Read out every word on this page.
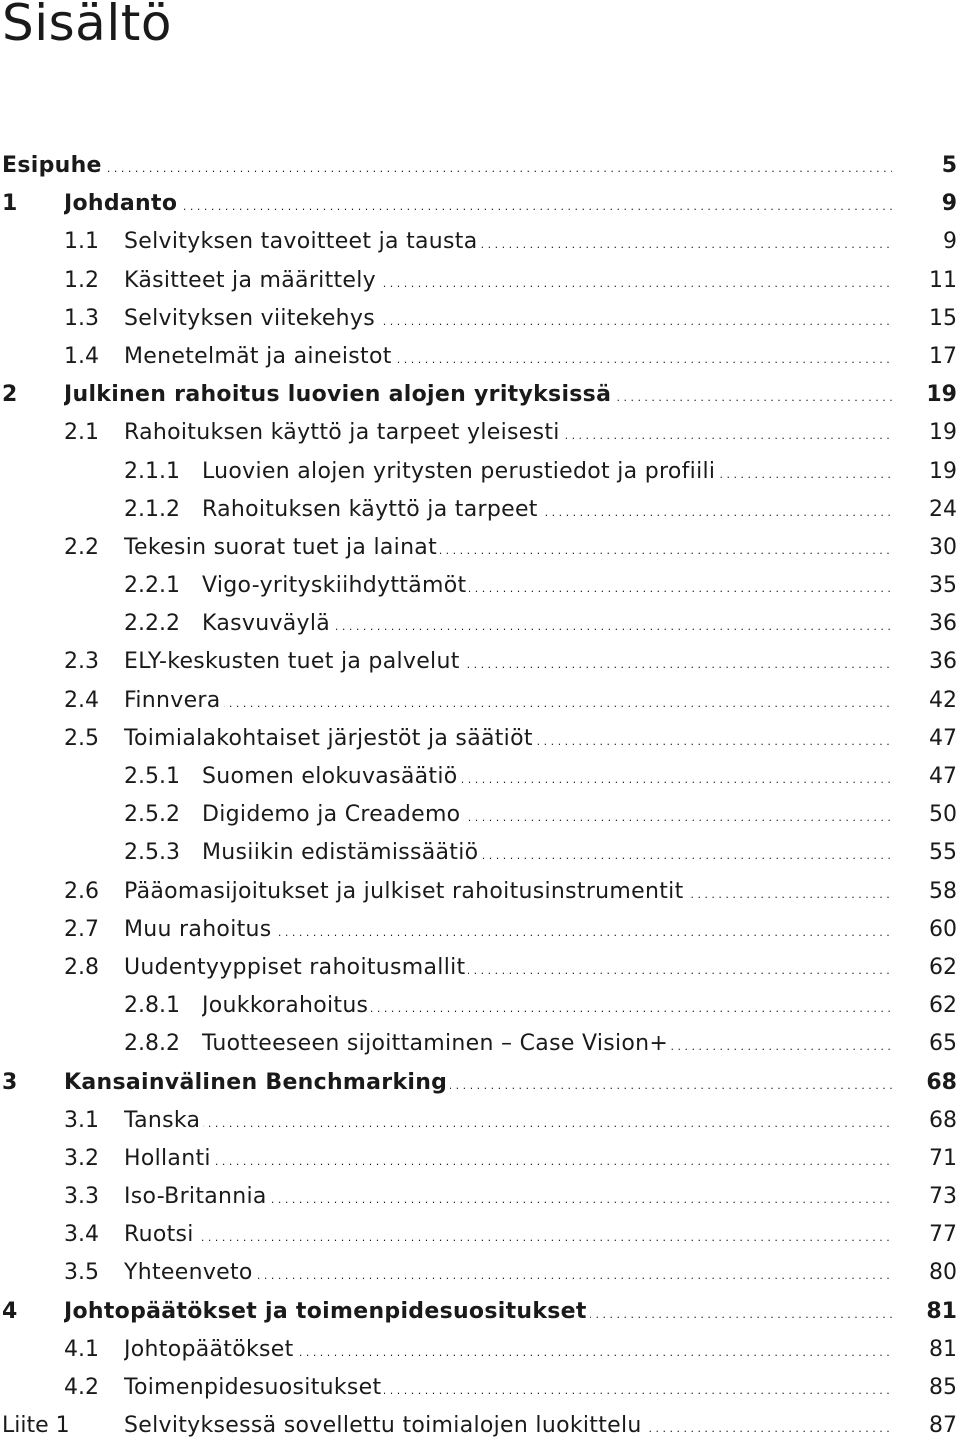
Sisältö
Esipuhe . . .	5
1 Johdanto . . .	9
1.1 Selvityksen tavoitteet ja tausta . . .	9
1.2 Käsitteet ja määrittely . . .	11
1.3 Selvityksen viitekehys . . .	15
1.4 Menetelmät ja aineistot . . .	17
2 Julkinen rahoitus luovien alojen yrityksissä . . .	19
2.1 Rahoituksen käyttö ja tarpeet yleisesti . . .	19
2.1.1 Luovien alojen yritysten perustiedot ja profiili . . .	19
2.1.2 Rahoituksen käyttö ja tarpeet . . .	24
2.2 Tekesin suorat tuet ja lainat . . .	30
2.2.1 Vigo-yrityskiihdyttämöt . . .	35
2.2.2 Kasvuväylä . . .	36
2.3 ELY-keskusten tuet ja palvelut . . .	36
2.4 Finnvera . . .	42
2.5 Toimialakohtaiset järjestöt ja säätiöt . . .	47
2.5.1 Suomen elokuvasäätiö . . .	47
2.5.2 Digidemo ja Creademo . . .	50
2.5.3 Musiikin edistämissäätiö . . .	55
2.6 Pääomasijoitukset ja julkiset rahoitusinstrumentit . . .	58
2.7 Muu rahoitus . . .	60
2.8 Uudentyyppiset rahoitusmallit . . .	62
2.8.1 Joukkorahoitus . . .	62
2.8.2 Tuotteeseen sijoittaminen – Case Vision+ . . .	65
3 Kansainvälinen Benchmarking . . .	68
3.1 Tanska . . .	68
3.2 Hollanti . . .	71
3.3 Iso-Britannia . . .	73
3.4 Ruotsi . . .	77
3.5 Yhteenveto . . .	80
4 Johtopäätökset ja toimenpidesuositukset . . .	81
4.1 Johtopäätökset . . .	81
4.2 Toimenpidesuositukset . . .	85
Liite 1 Selvityksessä sovellettu toimialojen luokittelu . . .	87
